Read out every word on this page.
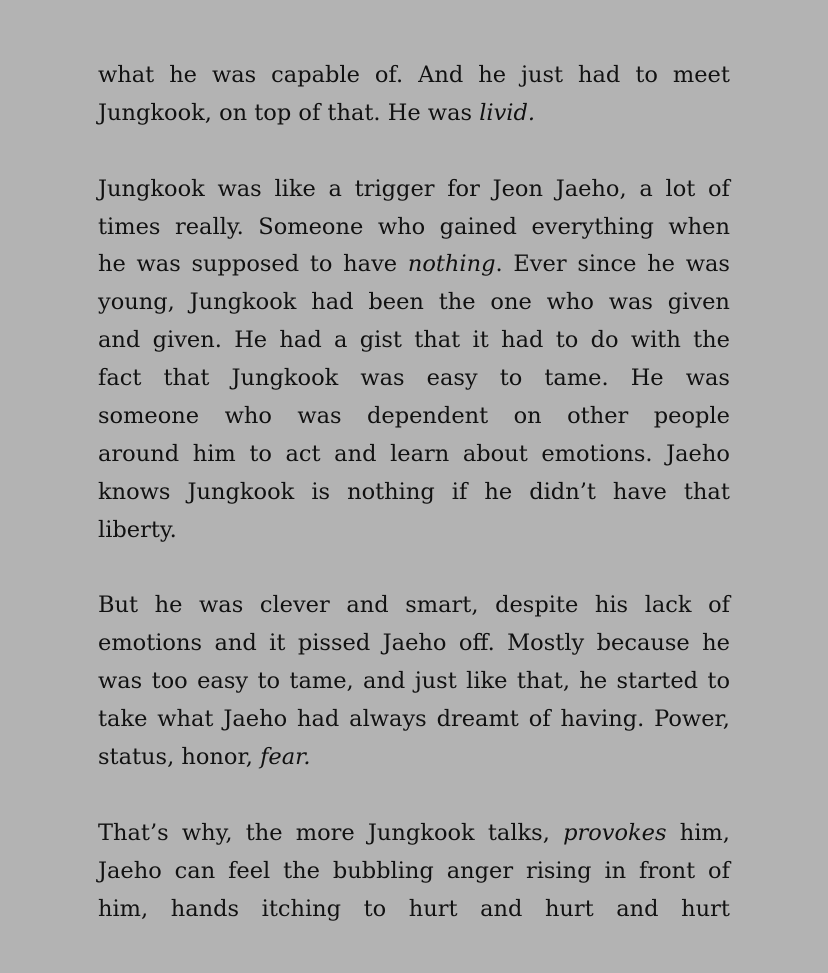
what he was capable of. And he just had to meet
Jungkook, on top of that. He was livid.
Jungkook was like a trigger for Jeon Jaeho, a lot of
times really. Someone who gained everything when
he was supposed to have nothing. Ever since he was
young, Jungkook had been the one who was given
and given. He had a gist that it had to do with the
fact that Jungkook was easy to tame. He was
someone who was dependent on other people
around him to act and learn about emotions. Jaeho
knows Jungkook is nothing if he didn’t have that
liberty.
But he was clever and smart, despite his lack of
emotions and it pissed Jaeho off. Mostly because he
was too easy to tame, and just like that, he started to
take what Jaeho had always dreamt of having. Power,
status, honor, fear.
That’s why, the more Jungkook talks, provokes him,
Jaeho can feel the bubbling anger rising in front of
him, hands itching to hurt and hurt and hurt
